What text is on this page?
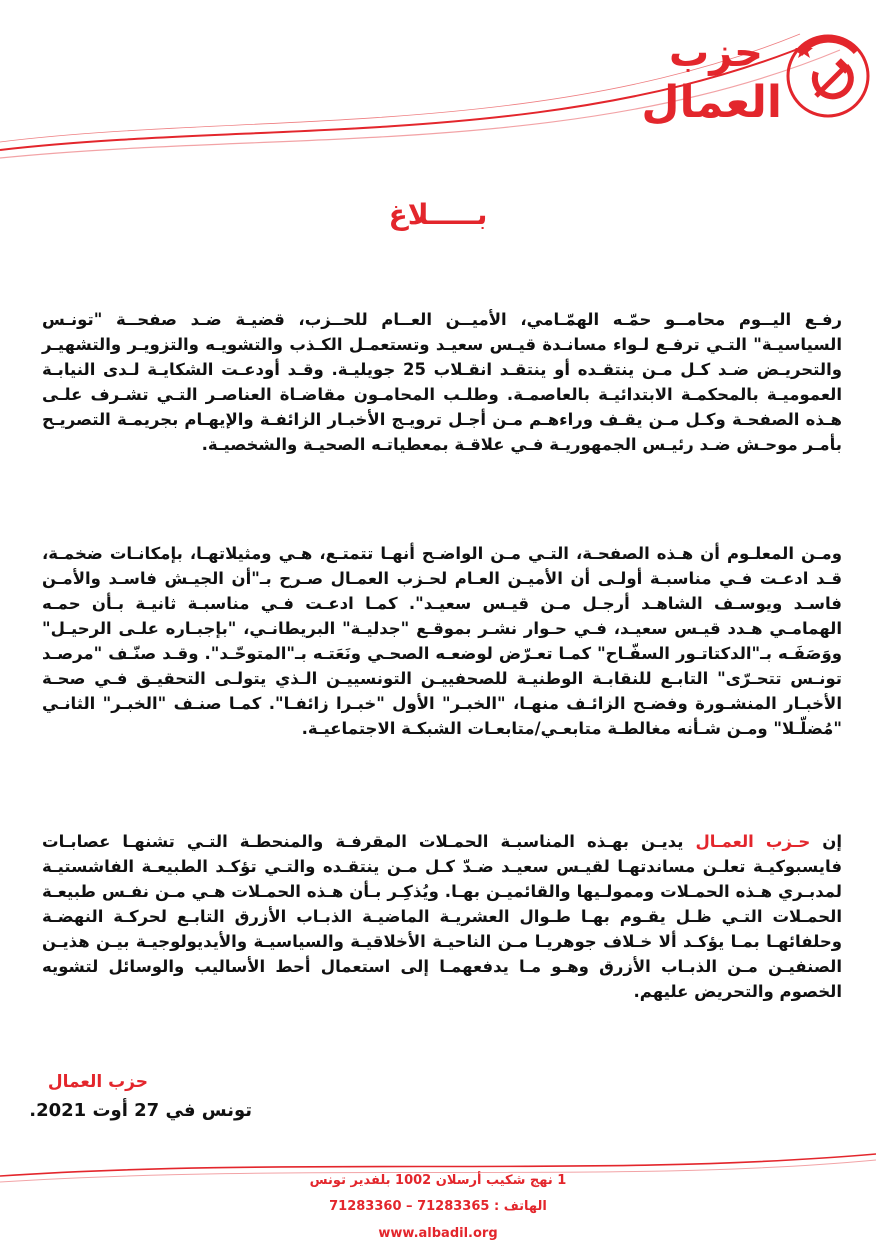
حزب
العمال
بـــــلاغ

رفـع اليــوم محامــو حمّـه الهمّـامي، الأميــن العــام للحــزب، قضيـة ضـد صفحــة "تونـس السياسيـة" التـي ترفـع لـواء مسانـدة قيـس سعيـد وتستعمـل الكـذب والتشويـه والتزويـر والتشهيـر والتحريـض ضـد كـل مـن ينتقـده أو ينتقـد انقـلاب 25 جويليـة. وقـد أودعـت الشكايـة لـدى النيابـة العموميـة بالمحكمـة الابتدائيـة بالعاصمـة. وطلـب المحامـون مقاضـاة العناصـر التـي تشـرف علـى هـذه الصفحـة وكـل مـن يقـف وراءهـم مـن أجـل ترويـج الأخبـار الزائفـة والإيهـام بجريمـة التصريـح بأمـر موحـش ضـد رئيـس الجمهوريـة فـي علاقـة بمعطياتـه الصحيـة والشخصيـة.

ومـن المعلـوم أن هـذه الصفحـة، التـي مـن الواضـح أنهـا تتمتـع، هـي ومثيلاتهـا، بإمكانـات ضخمـة، قـد ادعـت فـي مناسبـة أولـى أن الأميـن العـام لحـزب العمـال صـرح بـ"أن الجيـش فاسـد والأمـن فاسـد ويوسـف الشاهـد أرجـل مـن قيـس سعيـد". كمـا ادعـت فـي مناسبـة ثانيـة بـأن حمـه الهمامـي هـدد قيـس سعيـد، فـي حـوار نشـر بموقـع "جدليـة" البريطانـي، "بإجبـاره علـى الرحيـل" ووَصَفَـه بـ"الدكتاتـور السفّـاح" كمـا تعـرّض لوضعـه الصحـي ونَعَتـه بـ"المتوحّـد". وقـد صنّـف "مرصـد تونـس تتحـرّى" التابـع للنقابـة الوطنيـة للصحفييـن التونسييـن الـذي يتولـى التحقيـق فـي صحـة الأخبـار المنشـورة وفضـح الزائـف منهـا، "الخبـر" الأول "خبـرا زائفـا". كمـا صنـف "الخبـر" الثانـي "مُضلّـلا" ومـن شـأنه مغالطـة متابعـي/متابعـات الشبكـة الاجتماعيـة.

إن حـزب العمـال يديـن بهـذه المناسبـة الحمـلات المقرفـة والمنحطـة التـي تشنهـا عصابـات فايسبوكيـة تعلـن مساندتهـا لقيـس سعيـد ضـدّ كـل مـن ينتقـده والتـي تؤكـد الطبيعـة الفاشستيـة لمدبـري هـذه الحمـلات وممولـيها والقائميـن بهـا. ويُذكِـر بـأن هـذه الحمـلات هـي مـن نفـس طبيعـة الحمـلات التـي ظـل يقـوم بهـا طـوال العشريـة الماضيـة الذبـاب الأزرق التابـع لحركـة النهضـة وحلفائهـا بمـا يؤكـد ألا خـلاف جوهريـا مـن الناحيـة الأخلاقيـة والسياسيـة والأيديولوجيـة بيـن هذيـن الصنفيـن مـن الذبـاب الأزرق وهـو مـا يدفعهمـا إلى استعمال أحط الأساليب والوسائل لتشويه الخصوم والتحريض عليهم.

حزب العمال
تونس في 27 أوت 2021.
1 نهج شكيب أرسلان 1002 بلفدير تونس
الهاتف : 71283365 – 71283360
www.albadil.org
